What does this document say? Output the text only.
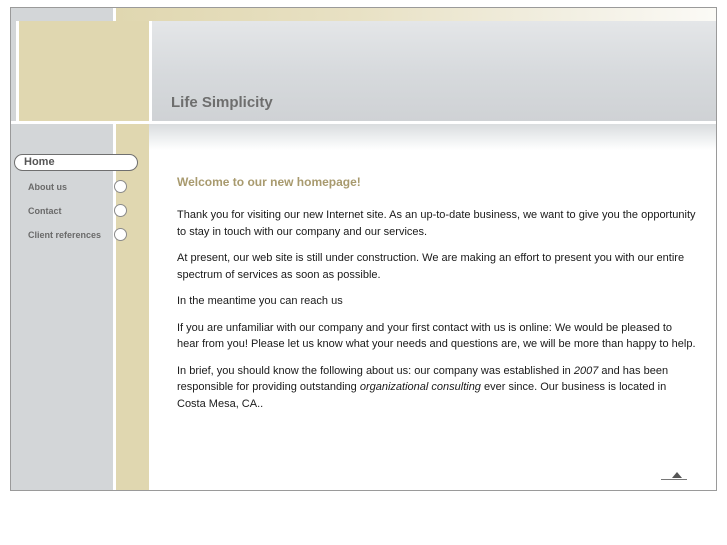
Life Simplicity
Home
About us
Contact
Client references
Welcome to our new homepage!

Thank you for visiting our new Internet site. As an up-to-date business, we want to give you the opportunity to stay in touch with our company and our services.

At present, our web site is still under construction. We are making an effort to present you with our entire spectrum of services as soon as possible.

In the meantime you can reach us

If you are unfamiliar with our company and your first contact with us is online: We would be pleased to hear from you! Please let us know what your needs and questions are, we will be more than happy to help.

In brief, you should know the following about us: our company was established in 2007 and has been responsible for providing outstanding organizational consulting ever since. Our business is located in Costa Mesa, CA..
